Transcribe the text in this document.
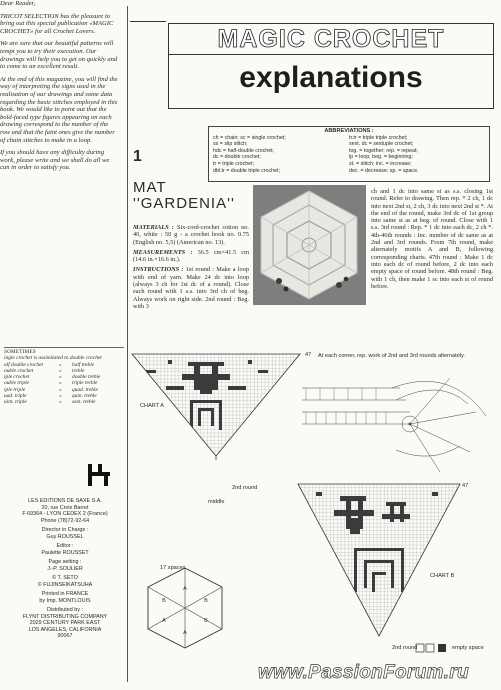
Dear Reader,

TRICOT SELECTION has the pleasure to bring out this special publication «MAGIC CROCHET» for all Crochet Lovers.

We are sure that our beautiful patterns will tempt you to try their execution. Our drawings will help you to get on quickly and to come to an excellent result.

At the end of this magazine, you will find the way of interpreting the signs used in the realisation of our drawings and some data regarding the basic stitches employed in this book. We would like to point out that the bold-faced type figures appearing on each drawing correspond to the number of the row and that the faint ones give the number of chain stitches to make in a loop.

If you should have any difficulty during work, please write and we shall do all we can in order to satisfy you.

SOMETIMES
ingle crochet is assimilated to double crochet
alf double crochet	»	half treble
ouble crochet	»	treble
iple crochet	»	double treble
ouble triple	»	triple treble
iple triple	»	quad. treble
uad. triple	»	quin. treble
uint. triple	»	sext. treble
LES EDITIONS DE SAXE S.A.
20, rue Croix Barret
F 69364 - LYON CEDEX 2 (France)
Phone (78)72-92-64
Director in Charge :
Guy ROUSSEL
Editor :
Paulette ROUSSET
Page setting :
J.-P. SOULIER
© T. SETO
© FUJINSEIKATSUHA
Printed in FRANCE
by Imp. MONTLOUIS
Distributed by :
FLYNT DISTRIBUTING COMPANY
2029 CENTURY PARK EAST
LOS ANGELES, CALIFORNIA
90067
MAGIC CROCHET
explanations
ABBREVIATIONS :
ch = chain; sc = single crochet;
ss = slip stitch;
hdc = half-double crochet;
dc = double crochet;
tr = triple crochet;
dbl.tr = double triple crochet;
tr.tr = triple triple crochet;
sext. dc = sextuple crochet;
tog. = together; rep. = repeat;
lp = loop; beg. = beginning;
st. = stitch; inc. = increase;
dec. = decrease; sp. = space.
1
MAT
''GARDENIA''
MATERIALS : Six-cord-crochet cotton no. 40, white : 50 g - a crochet hook no. 0.75 (English no. 5,5) (American no. 13).
MEASUREMENTS : 36.5 cm×41.5 cm (14.6 in.×16.6 in.).
INSTRUCTIONS : 1st round : Make a loop with end of yarn. Make 24 dc into loop (always 3 ch for 1st dc of a round). Close each round with 1 s.s. into 3rd ch of beg. Always work on right side. 2nd round : Beg. with 3
ch and 1 dc into same st as s.s. closing 1st round. Refer to drawing. Then rep. * 2 ch, 1 dc into next 2nd st, 2 ch, 3 dc into next 2nd st *. At the end of the round, make 3rd dc of 1st group into same st as at beg. of round. Close with 1 s.s. 3rd round : Rep. * 1 dc into each dc, 2 ch *. 4th-46th rounds : Inc. number of dc same as at 2nd and 3rd rounds. From 7th round, make alternately motifs A and B, following corresponding charts. 47th round : Make 1 dc into each dc of round before, 2 dc into each empty space of round before. 48th round : Beg. with 1 ch, then make 1 sc into each st of round before.
47
CHART A
middle
2nd round
At each corner, rep. work of 2nd and 3rd rounds alternately.
47
CHART B
2nd round	empty space
A
A
B	B
A	B
17 spaces
www.PassionForum.ru
